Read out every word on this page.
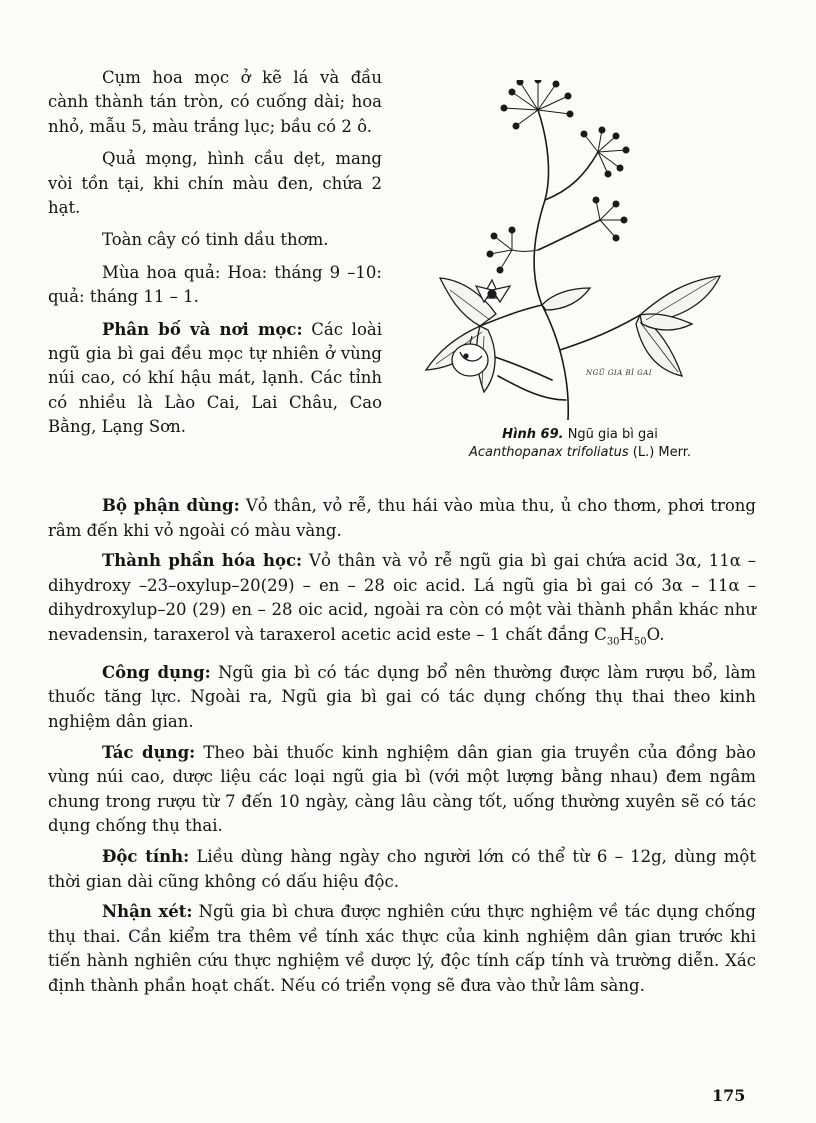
Cụm hoa mọc ở kẽ lá và đầu cành thành tán tròn, có cuống dài; hoa nhỏ, mẫu 5, màu trắng lục; bầu có 2 ô.

Quả mọng, hình cầu dẹt, mang vòi tồn tại, khi chín màu đen, chứa 2 hạt.

Toàn cây có tinh dầu thơm.

Mùa hoa quả: Hoa: tháng 9 –10: quả: tháng 11 – 1.

Phân bố và nơi mọc: Các loài ngũ gia bì gai đều mọc tự nhiên ở vùng núi cao, có khí hậu mát, lạnh. Các tỉnh có nhiều là Lào Cai, Lai Châu, Cao Bằng, Lạng Sơn.

NGŨ GIA BÌ GAI
Hình 69. Ngũ gia bì gai
Acanthopanax trifoliatus (L.) Merr.

Bộ phận dùng: Vỏ thân, vỏ rễ, thu hái vào mùa thu, ủ cho thơm, phơi trong râm đến khi vỏ ngoài có màu vàng.

Thành phần hóa học: Vỏ thân và vỏ rễ ngũ gia bì gai chứa acid 3α, 11α – dihydroxy –23–oxylup–20(29) – en – 28 oic acid. Lá ngũ gia bì gai có 3α – 11α – dihydroxylup–20 (29) en – 28 oic acid, ngoài ra còn có một vài thành phần khác như nevadensin, taraxerol và taraxerol acetic acid este – 1 chất đắng $C_{30}H_{50}O$.

Công dụng: Ngũ gia bì có tác dụng bổ nên thường được làm rượu bổ, làm thuốc tăng lực. Ngoài ra, Ngũ gia bì gai có tác dụng chống thụ thai theo kinh nghiệm dân gian.

Tác dụng: Theo bài thuốc kinh nghiệm dân gian gia truyền của đồng bào vùng núi cao, dược liệu các loại ngũ gia bì (với một lượng bằng nhau) đem ngâm chung trong rượu từ 7 đến 10 ngày, càng lâu càng tốt, uống thường xuyên sẽ có tác dụng chống thụ thai.

Độc tính: Liều dùng hàng ngày cho người lớn có thể từ 6 – 12g, dùng một thời gian dài cũng không có dấu hiệu độc.

Nhận xét: Ngũ gia bì chưa được nghiên cứu thực nghiệm về tác dụng chống thụ thai. Cần kiểm tra thêm về tính xác thực của kinh nghiệm dân gian trước khi tiến hành nghiên cứu thực nghiệm về dược lý, độc tính cấp tính và trường diễn. Xác định thành phần hoạt chất. Nếu có triển vọng sẽ đưa vào thử lâm sàng.

175
